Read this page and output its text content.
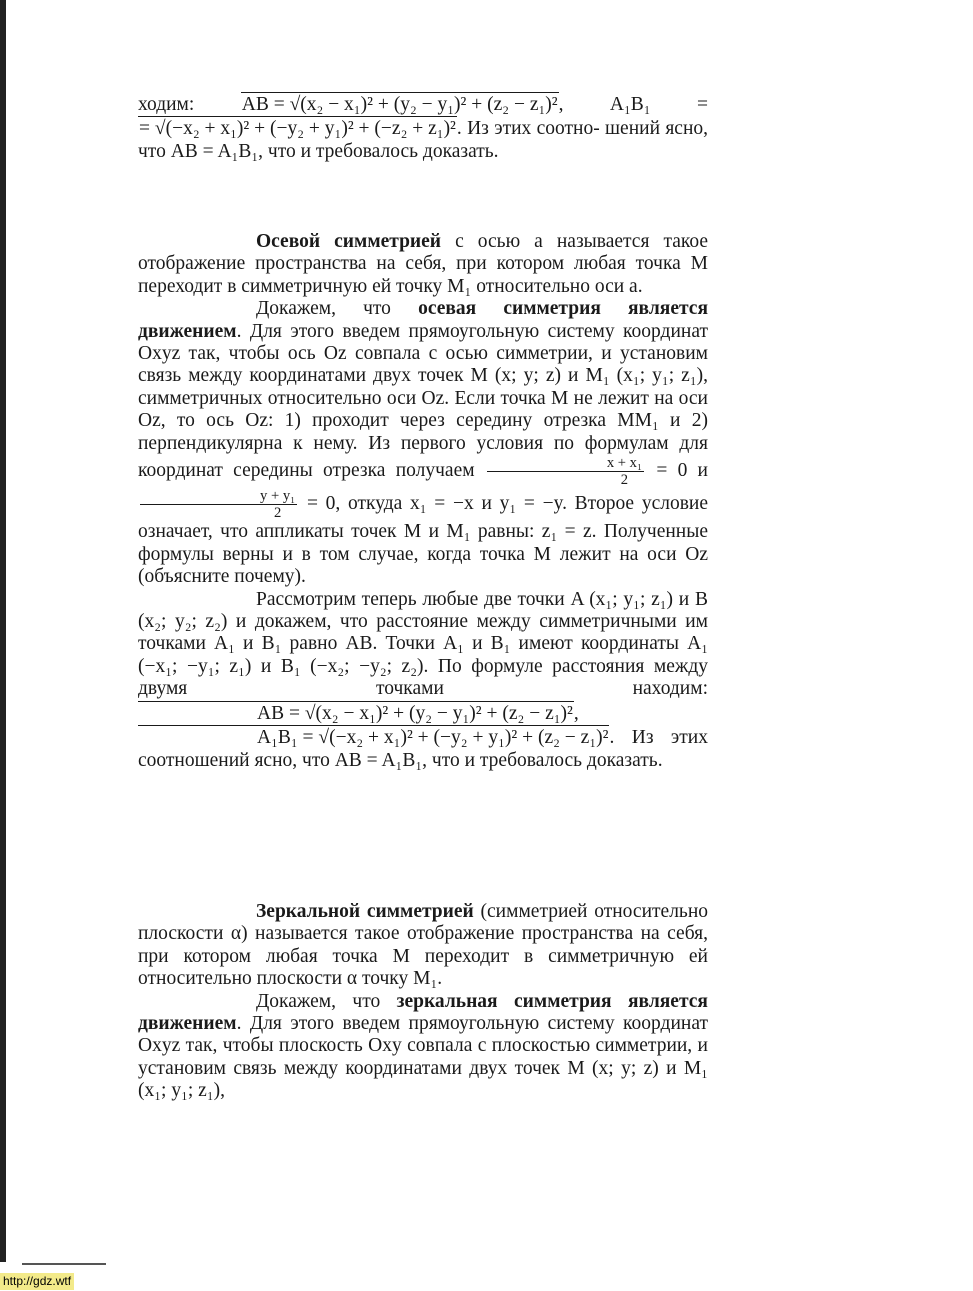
ходим: AB = √(x₂ − x₁)² + (y₂ − y₁)² + (z₂ − z₁)², A₁B₁ = = √(−x₂ + x₁)² + (−y₂ + y₁)² + (−z₂ + z₁)². Из этих соотно- шений ясно, что AB = A₁B₁, что и требовалось доказать.

Осевой симметрией с осью a называется такое отображение пространства на себя, при котором любая точка M переходит в симметричную ей точку M₁ относительно оси a.

Докажем, что осевая симметрия является движением. Для этого введем прямоугольную систему координат Oxyz так, чтобы ось Oz совпала с осью симметрии, и установим связь между координатами двух точек M (x; y; z) и M₁ (x₁; y₁; z₁), симметричных относительно оси Oz. Если точка M не лежит на оси Oz, то ось Oz: 1) проходит через середину отрезка MM₁ и 2) перпендикулярна к нему. Из первого условия по формулам для координат середины отрезка получаем $\frac{\text{x + x₁}}{2} = 0$ и
$\frac{\text{y + y₁}}{2} = 0$, откуда x₁ = −x и y₁ = −y. Второе условие означает, что аппликаты точек M и M₁ равны: z₁ = z. Полученные формулы верны и в том случае, когда точка M лежит на оси Oz (объясните почему).

Рассмотрим теперь любые две точки A (x₁; y₁; z₁) и B (x₂; y₂; z₂) и докажем, что расстояние между симметричными им точками A₁ и B₁ равно AB. Точки A₁ и B₁ имеют координаты A₁ (−x₁; −y₁; z₁) и B₁ (−x₂; −y₂; z₂). По формуле расстояния между двумя точками находим: AB = √(x₂ − x₁)² + (y₂ − y₁)² + (z₂ − z₁)², A₁B₁ = √(−x₂ + x₁)² + (−y₂ + y₁)² + (z₂ − z₁)². Из этих соотношений ясно, что AB = A₁B₁, что и требовалось доказать.

Зеркальной симметрией (симметрией относительно плоскости α) называется такое отображение пространства на себя, при котором любая точка M переходит в симметричную ей относительно плоскости α точку M₁.

Докажем, что зеркальная симметрия является движением. Для этого введем прямоугольную систему координат Oxyz так, чтобы плоскость Oxy совпала с плоскостью симметрии, и установим связь между координатами двух точек M (x; y; z) и M₁ (x₁; y₁; z₁),

http://gdz.wtf
